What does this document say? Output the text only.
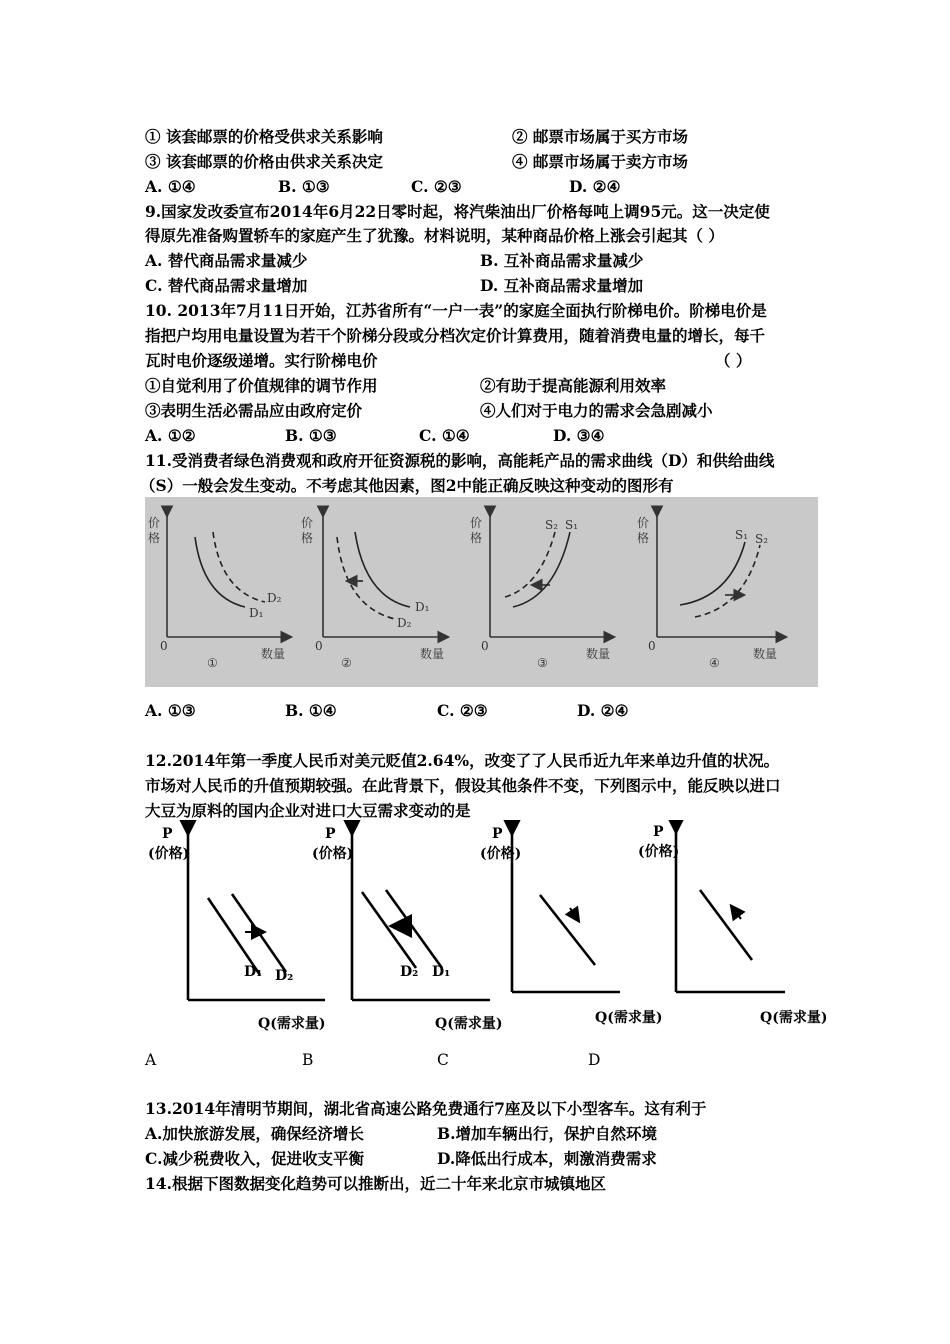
① 该套邮票的价格受供求关系影响	② 邮票市场属于买方市场
③ 该套邮票的价格由供求关系决定	④ 邮票市场属于卖方市场
A. ①④	B. ①③	C. ②③	D. ②④
9.国家发改委宣布2014年6月22日零时起，将汽柴油出厂价格每吨上调95元。这一决定使
得原先准备购置轿车的家庭产生了犹豫。材料说明，某种商品价格上涨会引起其（ ）
A. 替代商品需求量减少	B. 互补商品需求量减少
C. 替代商品需求量增加	D. 互补商品需求量增加
10. 2013年7月11日开始，江苏省所有“一户一表”的家庭全面执行阶梯电价。阶梯电价是
指把户均用电量设置为若干个阶梯分段或分档次定价计算费用，随着消费电量的增长，每千
瓦时电价逐级递增。实行阶梯电价	（ ）
①自觉利用了价值规律的调节作用	②有助于提高能源利用效率
③表明生活必需品应由政府定价	④人们对于电力的需求会急剧减小
A. ①②	B. ①③	C. ①④	D. ③④
11.受消费者绿色消费观和政府开征资源税的影响，高能耗产品的需求曲线（D）和供给曲线
（S）一般会发生变动。不考虑其他因素，图2中能正确反映这种变动的图形有
价
格
价
格
价
格
价
格
0	0	0	0
数量	数量	数量	数量
①	②	③	④
D₂
D₁	D₁
D₂
S₂ S₁
S₁ S₂
A. ①③	B. ①④	C. ②③	D. ②④
12.2014年第一季度人民币对美元贬值2.64%，改变了了人民币近九年来单边升值的状况。
市场对人民币的升值预期较强。在此背景下，假设其他条件不变，下列图示中，能反映以进口
大豆为原料的国内企业对进口大豆需求变动的是
P
(价格)
P
(价格)
P
(价格)
P
(价格)
Q(需求量)	Q(需求量)	Q(需求量)	Q(需求量)
D₁ D₂	D₂ D₁
A	B	C	D
13.2014年清明节期间，湖北省高速公路免费通行7座及以下小型客车。这有利于
A.加快旅游发展，确保经济增长	B.增加车辆出行，保护自然环境
C.减少税费收入，促进收支平衡	D.降低出行成本，刺激消费需求
14.根据下图数据变化趋势可以推断出，近二十年来北京市城镇地区
